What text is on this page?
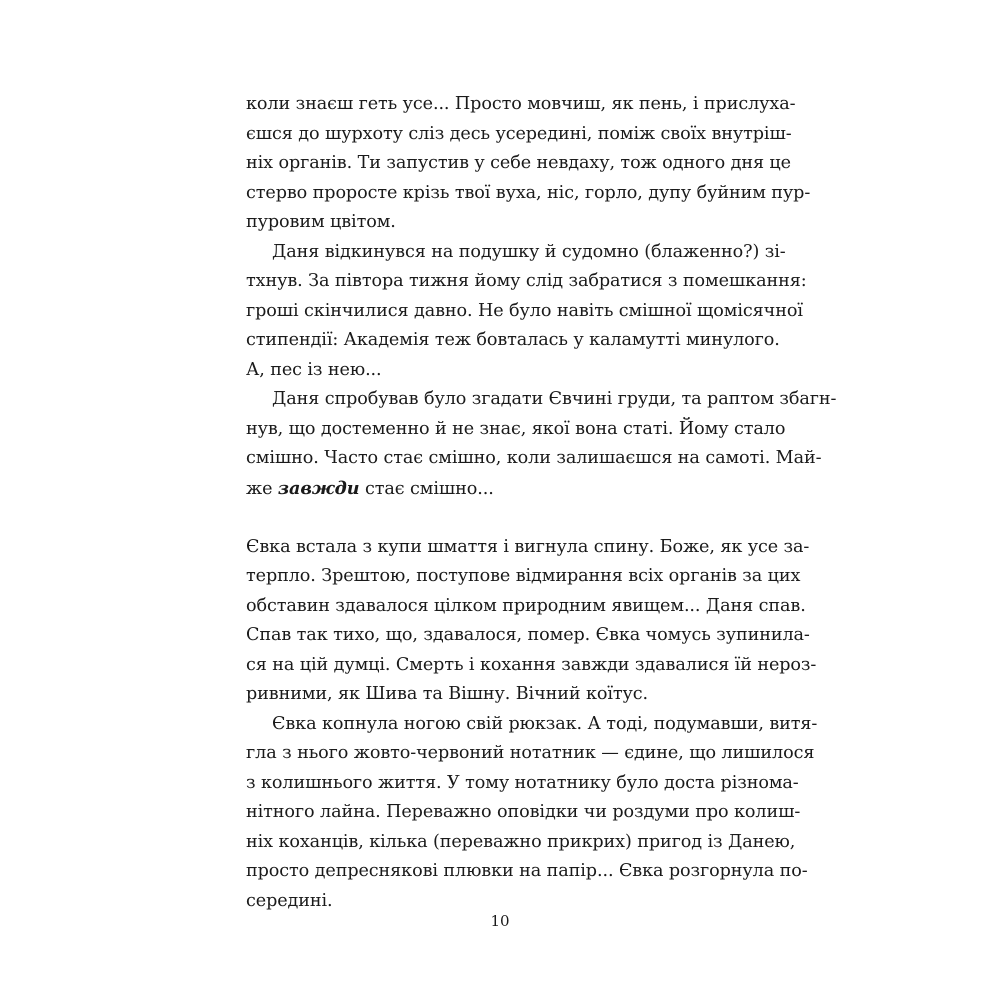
коли знаєш геть усе... Просто мовчиш, як пень, і прислуха-
єшся до шурхоту сліз десь усередині, поміж своїх внутріш-
ніх органів. Ти запустив у себе невдаху, тож одного дня це
стерво проросте крізь твої вуха, ніс, горло, дупу буйним пур-
пуровим цвітом.
Даня відкинувся на подушку й судомно (блаженно?) зі-
тхнув. За півтора тижня йому слід забратися з помешкання:
гроші скінчилися давно. Не було навіть смішної щомісячної
стипендії: Академія теж бовталась у каламутті минулого.
А, пес із нею...
Даня спробував було згадати Євчині груди, та раптом збагн-
нув, що достеменно й не знає, якої вона статі. Йому стало
смішно. Часто стає смішно, коли залишаєшся на самоті. Май-
же завжди стає смішно...
Євка встала з купи шмаття і вигнула спину. Боже, як усе за-
терпло. Зрештою, поступове відмирання всіх органів за цих
обставин здавалося цілком природним явищем... Даня спав.
Спав так тихо, що, здавалося, помер. Євка чомусь зупинила-
ся на цій думці. Смерть і кохання завжди здавалися їй нероз-
ривними, як Шива та Вішну. Вічний коїтус.
Євка копнула ногою свій рюкзак. А тоді, подумавши, витя-
гла з нього жовто-червоний нотатник — єдине, що лишилося
з колишнього життя. У тому нотатнику було доста різнома-
нітного лайна. Переважно оповідки чи роздуми про колиш-
ніх коханців, кілька (переважно прикрих) пригод із Данею,
просто депреснякові плювки на папір... Євка розгорнула по-
середині.
10
